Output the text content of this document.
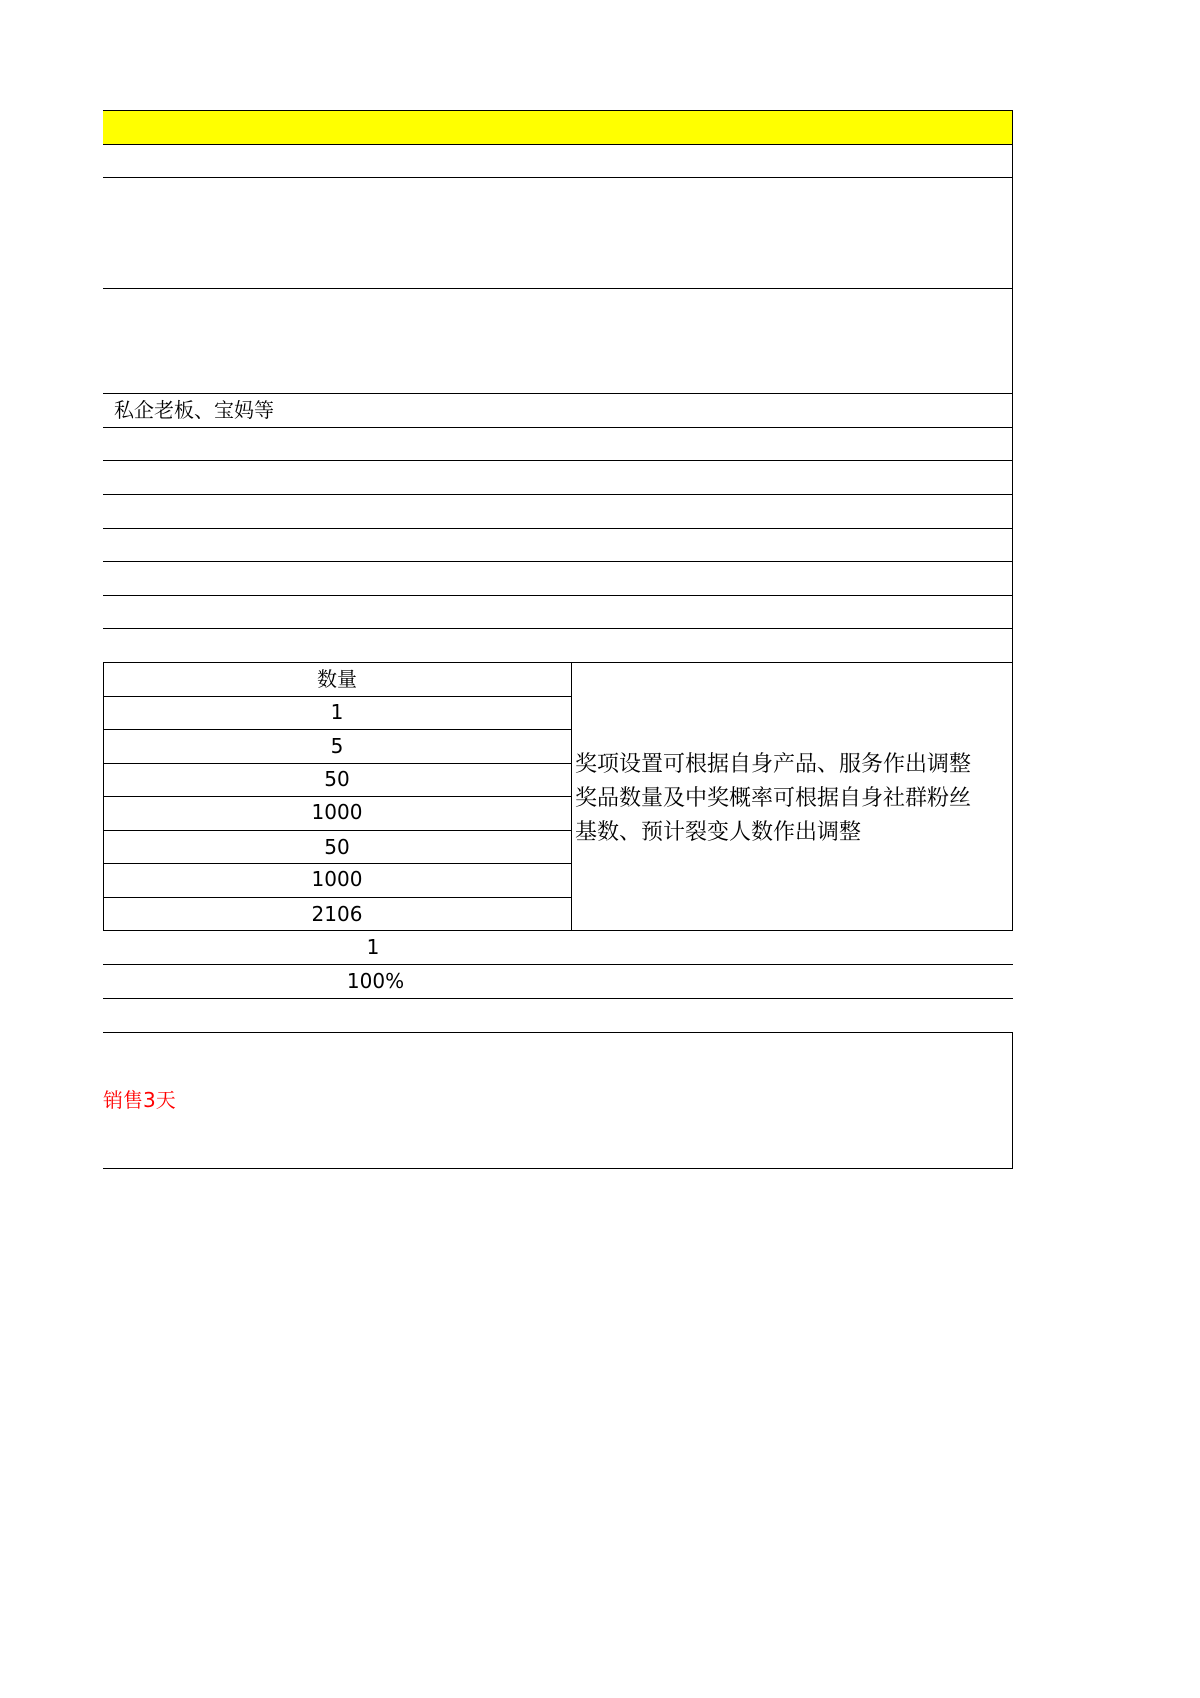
私企老板、宝妈等
数量
1
5
50
1000
50
1000
2106
奖项设置可根据自身产品、服务作出调整
奖品数量及中奖概率可根据自身社群粉丝
基数、预计裂变人数作出调整
1
100%
销售3天
